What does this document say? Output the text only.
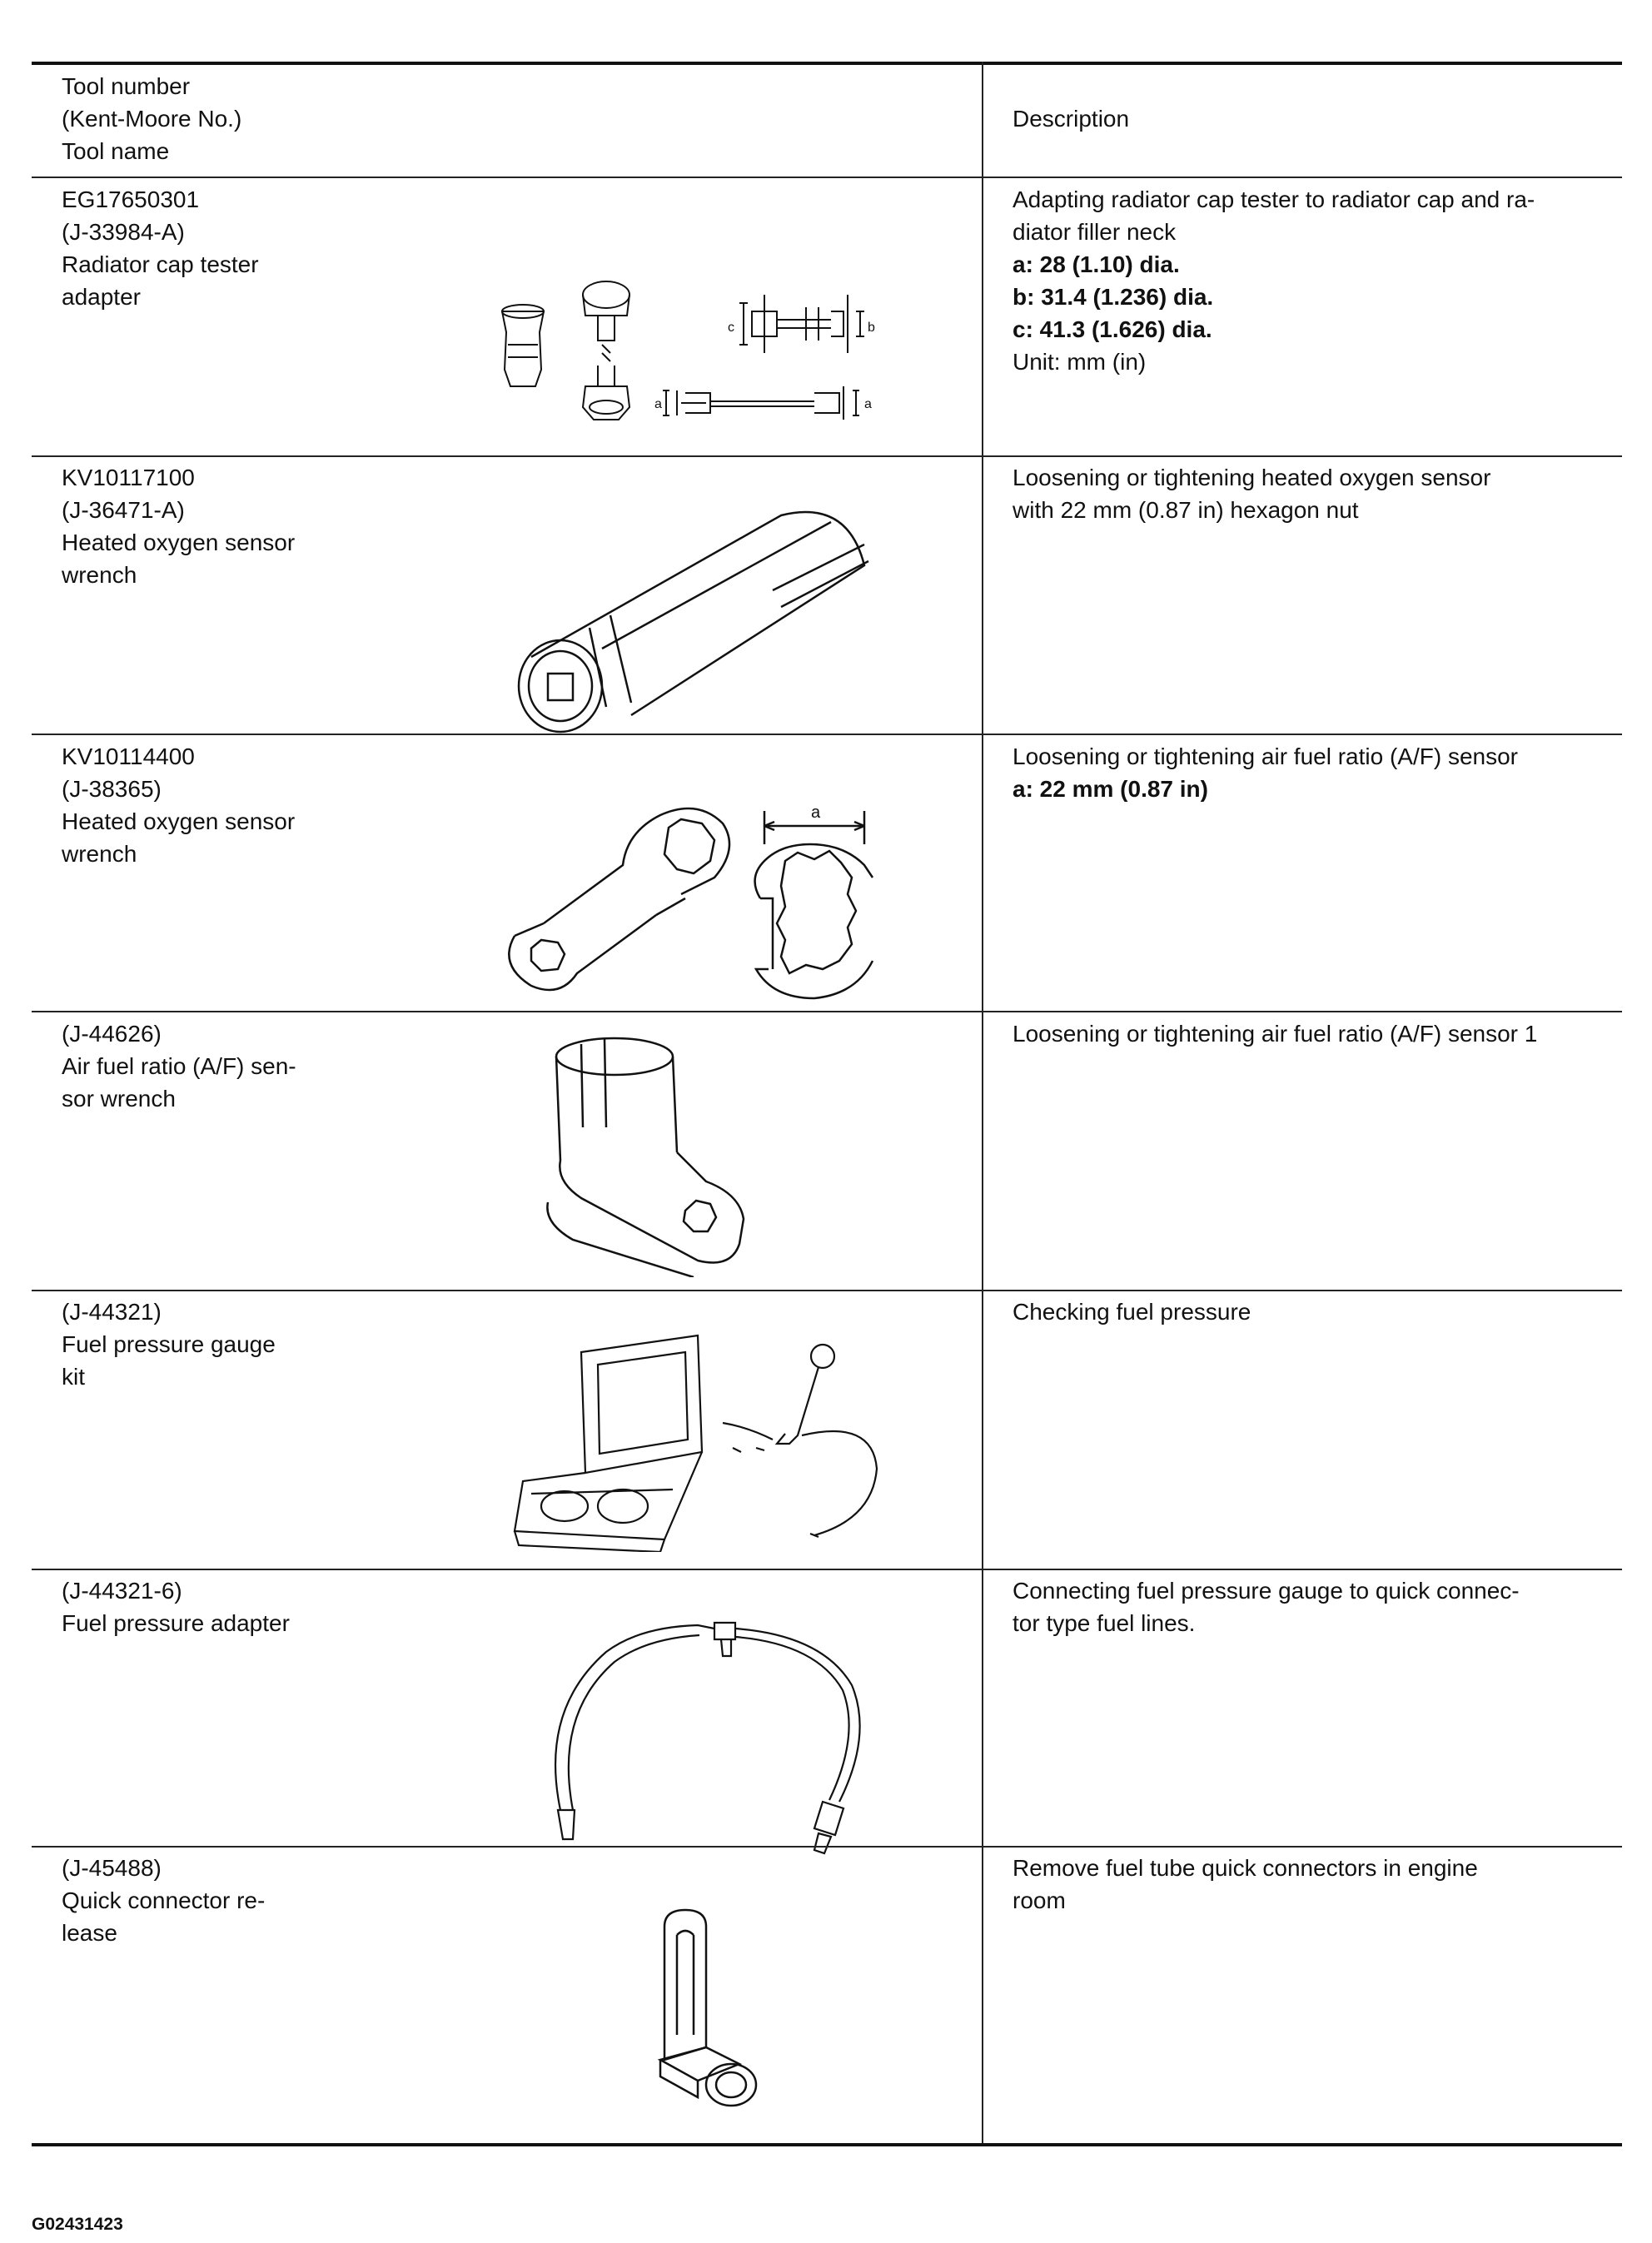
Tool number
(Kent-Moore No.)
Tool name
Description
EG17650301
(J-33984-A)
Radiator cap tester
adapter
Adapting radiator cap tester to radiator cap and ra-
diator filler neck
a: 28 (1.10) dia.
b: 31.4 (1.236) dia.
c: 41.3 (1.626) dia.
Unit: mm (in)
c	b
a	a
KV10117100
(J-36471-A)
Heated oxygen sensor
wrench
Loosening or tightening heated oxygen sensor
with 22 mm (0.87 in) hexagon nut
KV10114400
(J-38365)
Heated oxygen sensor
wrench
Loosening or tightening air fuel ratio (A/F) sensor
a: 22 mm (0.87 in)
a
(J-44626)
Air fuel ratio (A/F) sen-
sor wrench
Loosening or tightening air fuel ratio (A/F) sensor 1
(J-44321)
Fuel pressure gauge
kit
Checking fuel pressure
(J-44321-6)
Fuel pressure adapter
Connecting fuel pressure gauge to quick connec-
tor type fuel lines.
(J-45488)
Quick connector re-
lease
Remove fuel tube quick connectors in engine
room
G02431423
